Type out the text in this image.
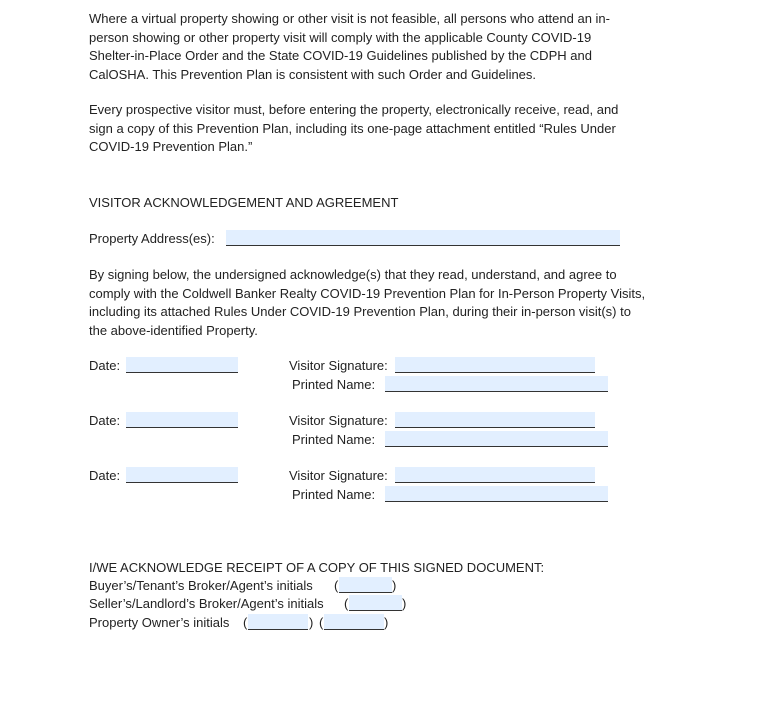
Where a virtual property showing or other visit is not feasible, all persons who attend an in-
person showing or other property visit will comply with the applicable County COVID-19
Shelter-in-Place Order and the State COVID-19 Guidelines published by the CDPH and
CalOSHA. This Prevention Plan is consistent with such Order and Guidelines.
Every prospective visitor must, before entering the property, electronically receive, read, and
sign a copy of this Prevention Plan, including its one-page attachment entitled “Rules Under
COVID-19 Prevention Plan.”
VISITOR ACKNOWLEDGEMENT AND AGREEMENT
Property Address(es):
By signing below, the undersigned acknowledge(s) that they read, understand, and agree to
comply with the Coldwell Banker Realty COVID-19 Prevention Plan for In-Person Property Visits,
including its attached Rules Under COVID-19 Prevention Plan, during their in-person visit(s) to
the above-identified Property.
Date:	Visitor Signature:
Printed Name:
Date:	Visitor Signature:
Printed Name:
Date:	Visitor Signature:
Printed Name:
I/WE ACKNOWLEDGE RECEIPT OF A COPY OF THIS SIGNED DOCUMENT:
Buyer’s/Tenant’s Broker/Agent’s initials (	)
Seller’s/Landlord’s Broker/Agent’s initials (	)
Property Owner’s initials (	) (	)
